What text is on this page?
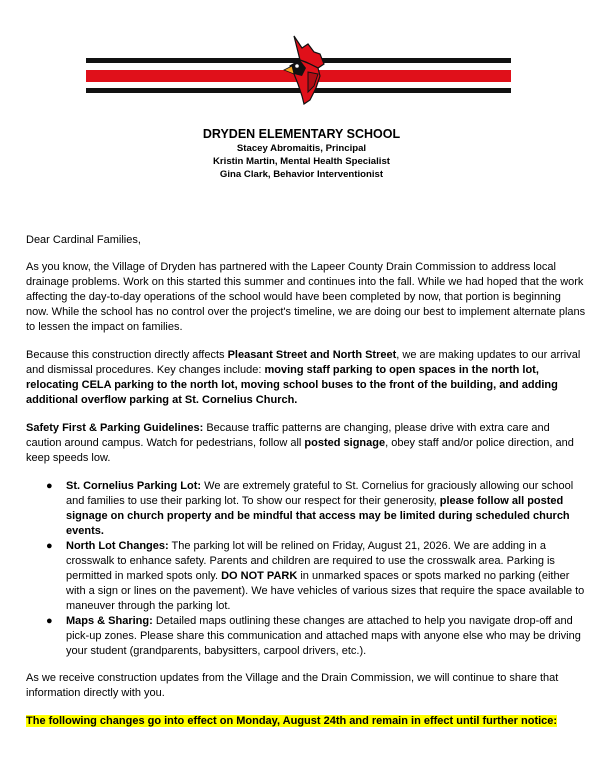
DRYDEN ELEMENTARY SCHOOL

Stacey Abromaitis, Principal

Kristin Martin, Mental Health Specialist

Gina Clark, Behavior Interventionist

Dear Cardinal Families,

As you know, the Village of Dryden has partnered with the Lapeer County Drain Commission to address local drainage problems. Work on this started this summer and continues into the fall. While we had hoped that the work affecting the day-to-day operations of the school would have been completed by now, that portion is beginning now. While the school has no control over the project's timeline, we are doing our best to implement alternate plans to lessen the impact on families.

Because this construction directly affects Pleasant Street and North Street, we are making updates to our arrival and dismissal procedures. Key changes include: moving staff parking to open spaces in the north lot, relocating CELA parking to the north lot, moving school buses to the front of the building, and adding additional overflow parking at St. Cornelius Church.

Safety First & Parking Guidelines: Because traffic patterns are changing, please drive with extra care and caution around campus. Watch for pedestrians, follow all posted signage, obey staff and/or police direction, and keep speeds low.

● St. Cornelius Parking Lot: We are extremely grateful to St. Cornelius for graciously allowing our school and families to use their parking lot. To show our respect for their generosity, please follow all posted signage on church property and be mindful that access may be limited during scheduled church events.
● North Lot Changes: The parking lot will be relined on Friday, August 21, 2026. We are adding in a crosswalk to enhance safety. Parents and children are required to use the crosswalk area. Parking is permitted in marked spots only. DO NOT PARK in unmarked spaces or spots marked no parking (either with a sign or lines on the pavement). We have vehicles of various sizes that require the space available to maneuver through the parking lot.
● Maps & Sharing: Detailed maps outlining these changes are attached to help you navigate drop-off and pick-up zones. Please share this communication and attached maps with anyone else who may be driving your student (grandparents, babysitters, carpool drivers, etc.).

As we receive construction updates from the Village and the Drain Commission, we will continue to share that information directly with you.

The following changes go into effect on Monday, August 24th and remain in effect until further notice:
